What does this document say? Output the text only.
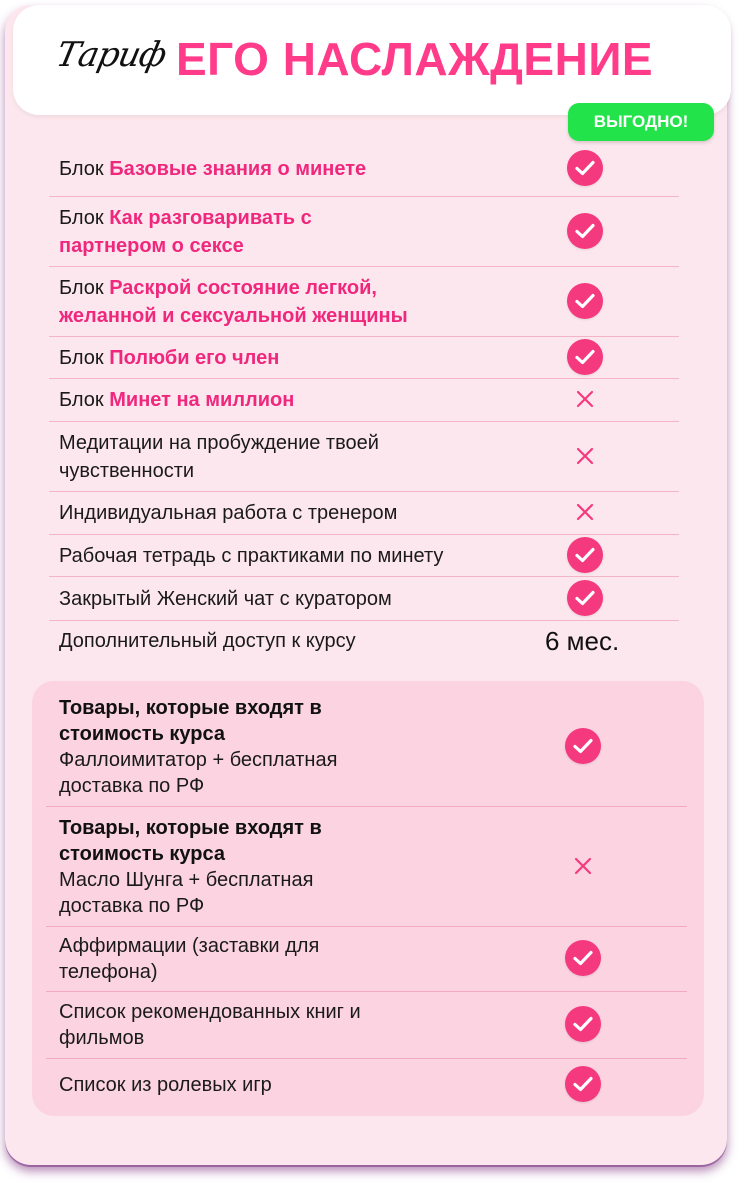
Тариф ЕГО НАСЛАЖДЕНИЕ
ВЫГОДНО!
Блок Базовые знания о минете
Блок Как разговаривать с партнером о сексе
Блок Раскрой состояние легкой, желанной и сексуальной женщины
Блок Полюби его член
Блок Минет на миллион
Медитации на пробуждение твоей чувственности
Индивидуальная работа с тренером
Рабочая тетрадь с практиками по минету
Закрытый Женский чат с куратором
Дополнительный доступ к курсу	6 мес.
Товары, которые входят в стоимость курса
Фаллоимитатор + бесплатная доставка по РФ
Товары, которые входят в стоимость курса
Масло Шунга + бесплатная доставка по РФ
Аффирмации (заставки для телефона)
Список рекомендованных книг и фильмов
Список из ролевых игр
